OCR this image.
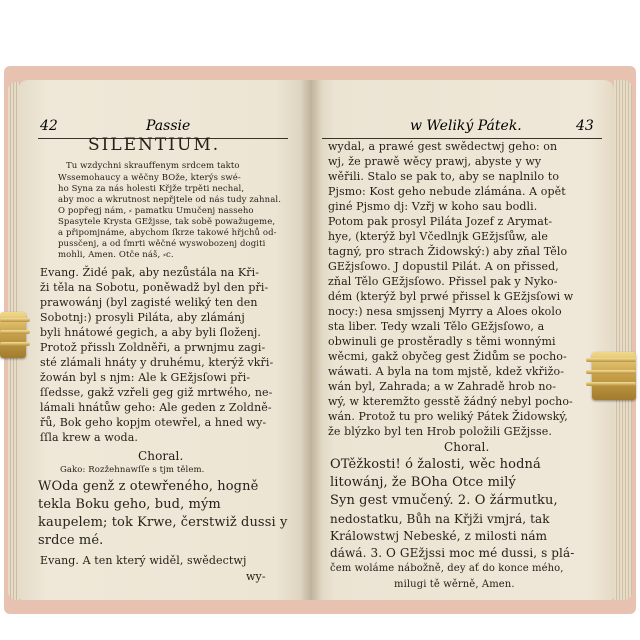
42	Passie	w Weliký Pátek.	43
SILENTIUM.
Tu wzdychni skrauffenym srdcem takto
Wssemohaucy a wěčny BOže, kterýs swé-
ho Syna za nás holesti Křjže trpěti nechal,
aby moc a wkrutnost nepřjtele od nás tudy zahnal.
O popřegj nám, ⸗ pamatku Umučenj nasseho
Spasytele Krysta GEžjsse, tak sobě powažugeme,
a připomjnáme, abychom ſkrze takowé hřjchů od-
pussčenj, a od ſmrti wěčné wyswobozenj dogiti
mohli, Amen. Otče náš, ⸗c.
Evang. Židé pak, aby nezůstála na Kři-
ži těla na Sobotu, poněwadž byl den při-
prawowánj (byl zagisté weliký ten den
Sobotnj:) prosyli Piláta, aby zlámánj
byli hnátowé gegich, a aby byli ſloženj.
Protož přisslı Zoldněři, a prwnjmu zagi-
sté zlámali hnáty y druhému, kterýž vkři-
žowán byl s njm: Ale k GEžjsſowi při-
ſſedsse, gakž vzřeli geg giž mrtwého, ne-
lámali hnátůw geho: Ale geden z Zoldně-
řů, Bok geho kopjm otewřel, a hned wy-
ſſla krew a woda.
Choral.
Gako: Rozžehnawſſe s tjm tělem.
WOda genž z otewřeného, hogně
tekla Boku geho, bud, mým
kaupelem; tok Krwe, čerstwiž dussi y
srdce mé.
Evang. A ten který widěl, swědectwj
wy-
wydal, a prawé gest swědectwj geho: on
wj, že prawě wěcy prawj, abyste y wy
wěřili. Stalo se pak to, aby se naplnilo to
Pjsmo: Kost geho nebude zlámána. A opět
giné Pjsmo dj: Vzřj w koho sau bodli.
Potom pak prosyl Piláta Jozef z Arymat-
hye, (kterýž byl Včedlnjk GEžjsſůw, ale
tagný, pro strach Židowský:) aby zňal Tělo
GEžjsſowo. J dopustil Pilát. A on přissed,
zňal Tělo GEžjsſowo. Přissel pak y Nyko-
dém (kterýž byl prwé přissel k GEžjsſowi w
nocy:) nesa smjssenj Myrry a Aloes okolo
sta liber. Tedy wzali Tělo GEžjsſowo, a
obwinuli ge prostěradly s těmi wonnými
wěcmi, gakž obyčeg gest Židům se pocho-
wáwati. A byla na tom mjstě, kdež vkřižo-
wán byl, Zahrada; a w Zahradě hrob no-
wý, w kteremžto gesstě žádný nebyl pocho-
wán. Protož tu pro weliký Pátek Židowský,
že blýzko byl ten Hrob položili GEžjsse.
Choral.
OTěžkosti! ó žalosti, wěc hodná
litowánj, že BOha Otce milý
Syn gest vmučený. 2. O žármutku,
nedostatku, Bůh na Křjži vmjrá, tak
Králowstwj Nebeské, z milosti nám
dáwá. 3. O GEžjssi moc mé dussi, s plá-
čem woláme nábožně, dey ať do konce mého,
milugi tě wěrně, Amen.
